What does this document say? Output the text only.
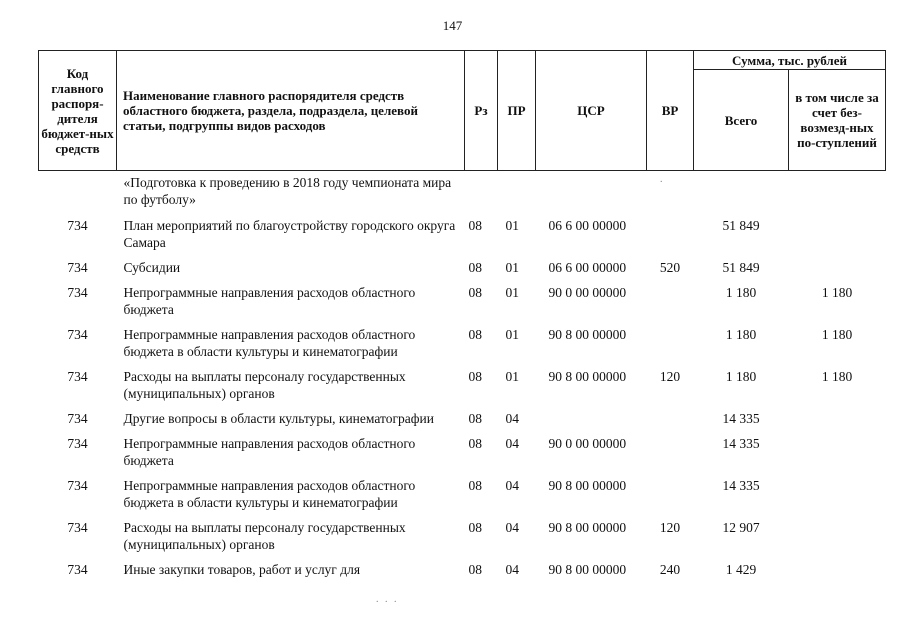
147
Код главного распоря-дителя бюджет-ных средств	Наименование главного распорядителя средств областного бюджета, раздела, подраздела, целевой статьи, подгруппы видов расходов	Рз	ПР	ЦСР	ВР	Сумма, тыс. рублей	
						Всего	в том числе за счет без-возмезд-ных по-ступлений

	«Подготовка к проведению в 2018 году чемпионата мира по футболу»						
734	План мероприятий по благоустройству городского округа Самара	08	01	06 6 00 00000		51 849	
734	Субсидии	08	01	06 6 00 00000	520	51 849	
734	Непрограммные направления расходов областного бюджета	08	01	90 0 00 00000		1 180	1 180
734	Непрограммные направления расходов областного бюджета в области культуры и кинематографии	08	01	90 8 00 00000		1 180	1 180
734	Расходы на выплаты персоналу государственных (муниципальных) органов	08	01	90 8 00 00000	120	1 180	1 180
734	Другие вопросы в области культуры, кинематографии	08	04			14 335	
734	Непрограммные направления расходов областного бюджета	08	04	90 0 00 00000		14 335	
734	Непрограммные направления расходов областного бюджета в области культуры и кинематографии	08	04	90 8 00 00000		14 335	
734	Расходы на выплаты персоналу государственных (муниципальных) органов	08	04	90 8 00 00000	120	12 907	
734	Иные закупки товаров, работ и услуг для	08	04	90 8 00 00000	240	1 429	
.
. . .
